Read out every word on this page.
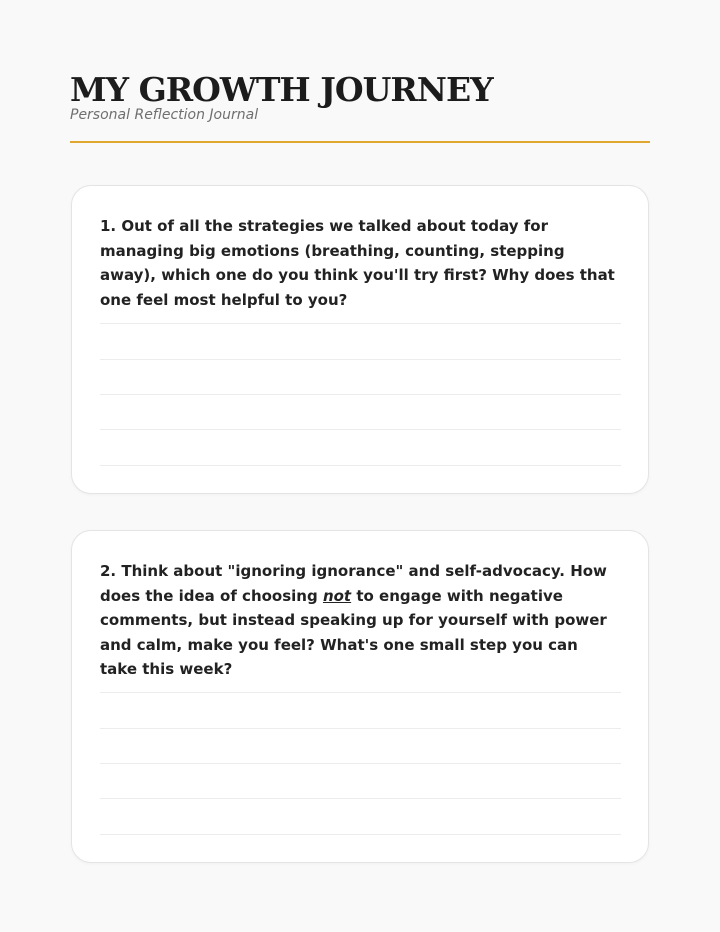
MY GROWTH JOURNEY
Personal Reflection Journal

1. Out of all the strategies we talked about today for managing big emotions (breathing, counting, stepping away), which one do you think you'll try first? Why does that one feel most helpful to you?

2. Think about "ignoring ignorance" and self-advocacy. How does the idea of choosing not to engage with negative comments, but instead speaking up for yourself with power and calm, make you feel? What's one small step you can take this week?
